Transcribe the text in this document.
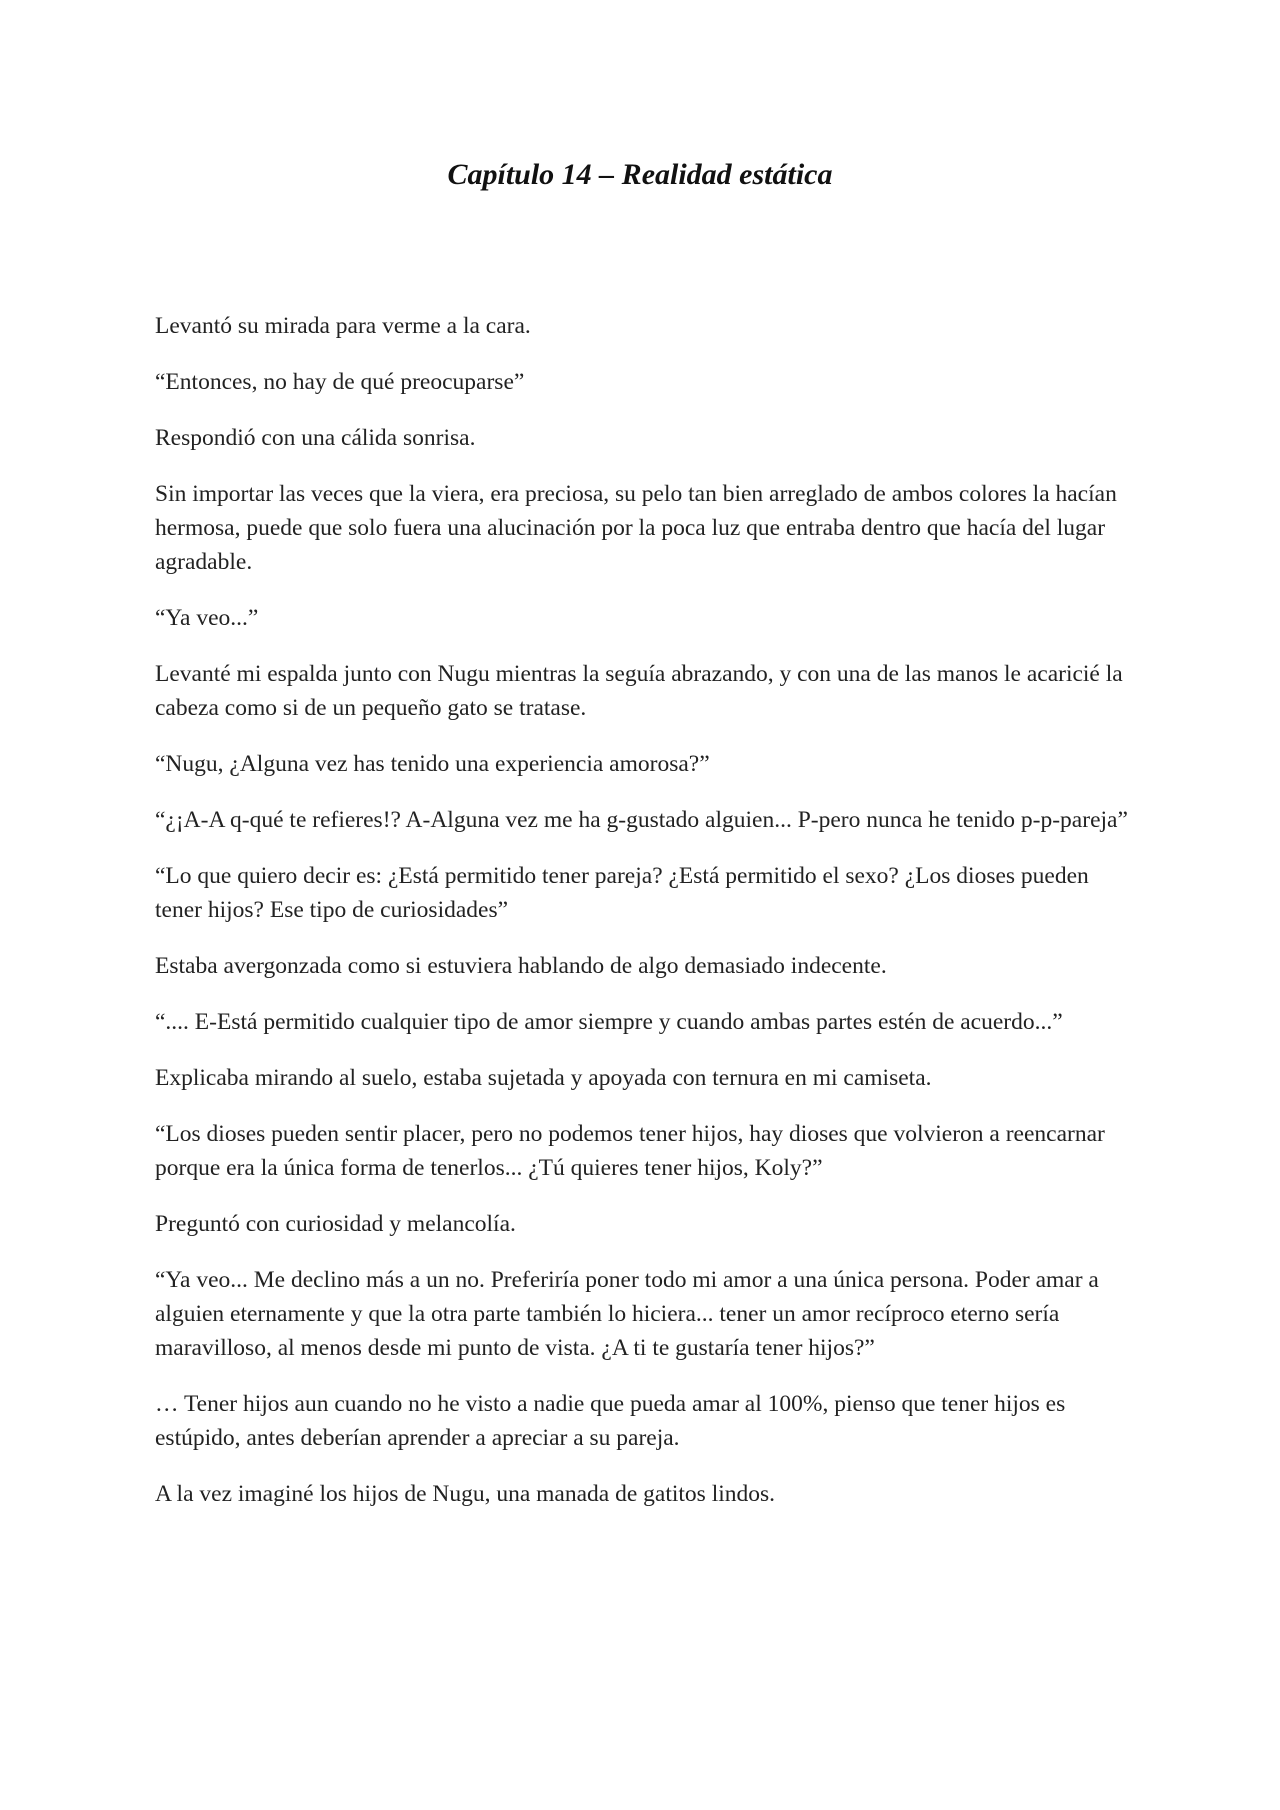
Capítulo 14 – Realidad estática

Levantó su mirada para verme a la cara.

“Entonces, no hay de qué preocuparse”

Respondió con una cálida sonrisa.

Sin importar las veces que la viera, era preciosa, su pelo tan bien arreglado de ambos colores la hacían hermosa, puede que solo fuera una alucinación por la poca luz que entraba dentro que hacía del lugar agradable.

“Ya veo...”

Levanté mi espalda junto con Nugu mientras la seguía abrazando, y con una de las manos le acaricié la cabeza como si de un pequeño gato se tratase.

“Nugu, ¿Alguna vez has tenido una experiencia amorosa?”

“¿¡A-A q-qué te refieres!? A-Alguna vez me ha g-gustado alguien... P-pero nunca he tenido p-p-pareja”

“Lo que quiero decir es: ¿Está permitido tener pareja? ¿Está permitido el sexo? ¿Los dioses pueden tener hijos? Ese tipo de curiosidades”

Estaba avergonzada como si estuviera hablando de algo demasiado indecente.

“.... E-Está permitido cualquier tipo de amor siempre y cuando ambas partes estén de acuerdo...”

Explicaba mirando al suelo, estaba sujetada y apoyada con ternura en mi camiseta.

“Los dioses pueden sentir placer, pero no podemos tener hijos, hay dioses que volvieron a reencarnar porque era la única forma de tenerlos... ¿Tú quieres tener hijos, Koly?”

Preguntó con curiosidad y melancolía.

“Ya veo... Me declino más a un no. Preferiría poner todo mi amor a una única persona. Poder amar a alguien eternamente y que la otra parte también lo hiciera... tener un amor recíproco eterno sería maravilloso, al menos desde mi punto de vista. ¿A ti te gustaría tener hijos?”

… Tener hijos aun cuando no he visto a nadie que pueda amar al 100%, pienso que tener hijos es estúpido, antes deberían aprender a apreciar a su pareja.

A la vez imaginé los hijos de Nugu, una manada de gatitos lindos.
